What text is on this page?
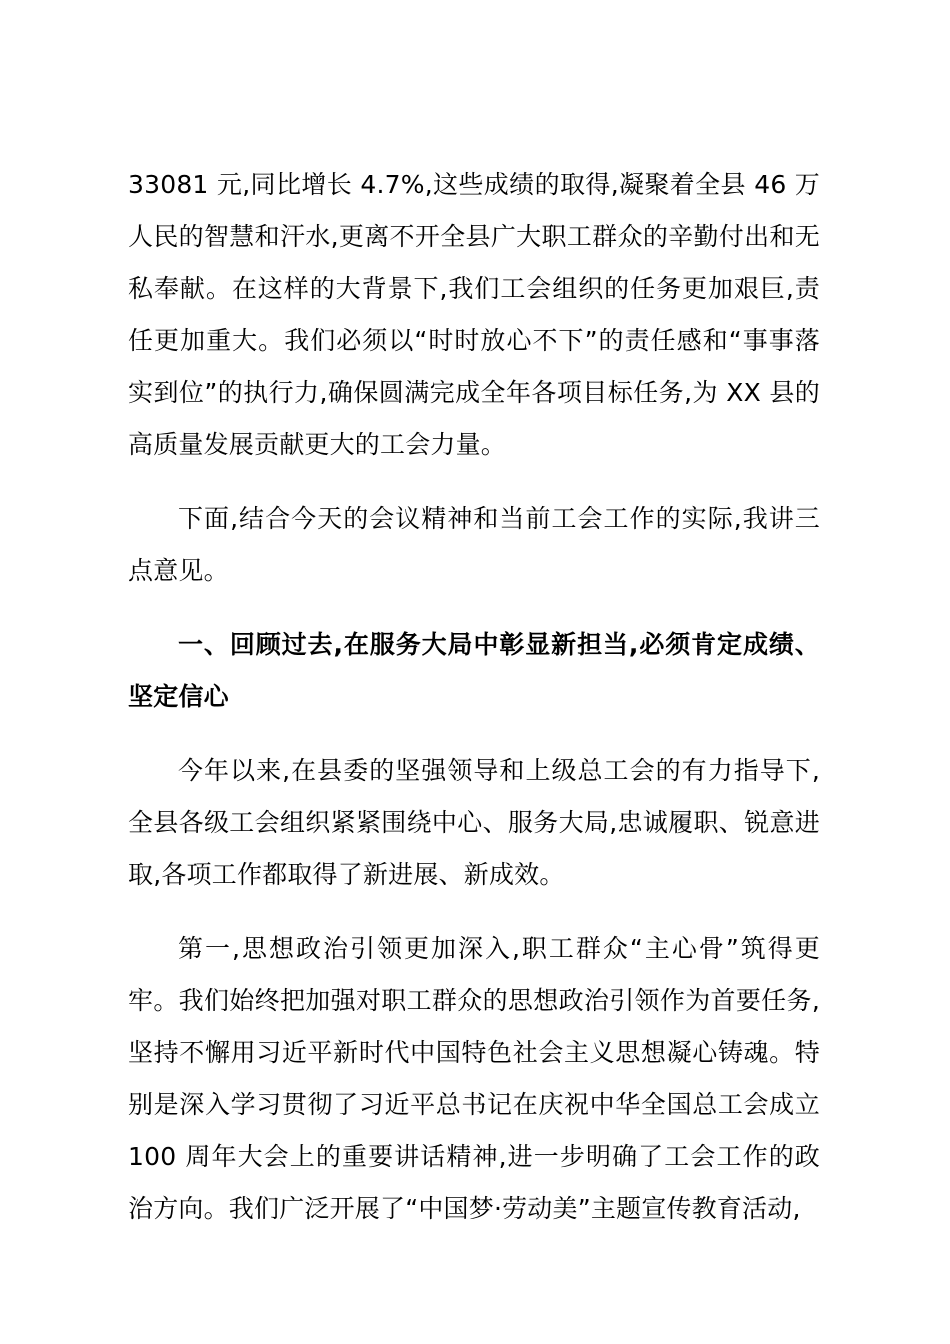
33081 元,同比增长 4.7%,这些成绩的取得,凝聚着全县 46 万人民的智慧和汗水,更离不开全县广大职工群众的辛勤付出和无私奉献。在这样的大背景下,我们工会组织的任务更加艰巨,责任更加重大。我们必须以“时时放心不下”的责任感和“事事落实到位”的执行力,确保圆满完成全年各项目标任务,为 XX 县的高质量发展贡献更大的工会力量。

下面,结合今天的会议精神和当前工会工作的实际,我讲三点意见。

一、回顾过去,在服务大局中彰显新担当,必须肯定成绩、坚定信心

今年以来,在县委的坚强领导和上级总工会的有力指导下,全县各级工会组织紧紧围绕中心、服务大局,忠诚履职、锐意进取,各项工作都取得了新进展、新成效。

第一,思想政治引领更加深入,职工群众“主心骨”筑得更牢。我们始终把加强对职工群众的思想政治引领作为首要任务,坚持不懈用习近平新时代中国特色社会主义思想凝心铸魂。特别是深入学习贯彻了习近平总书记在庆祝中华全国总工会成立100 周年大会上的重要讲话精神,进一步明确了工会工作的政治方向。我们广泛开展了“中国梦·劳动美”主题宣传教育活动,
